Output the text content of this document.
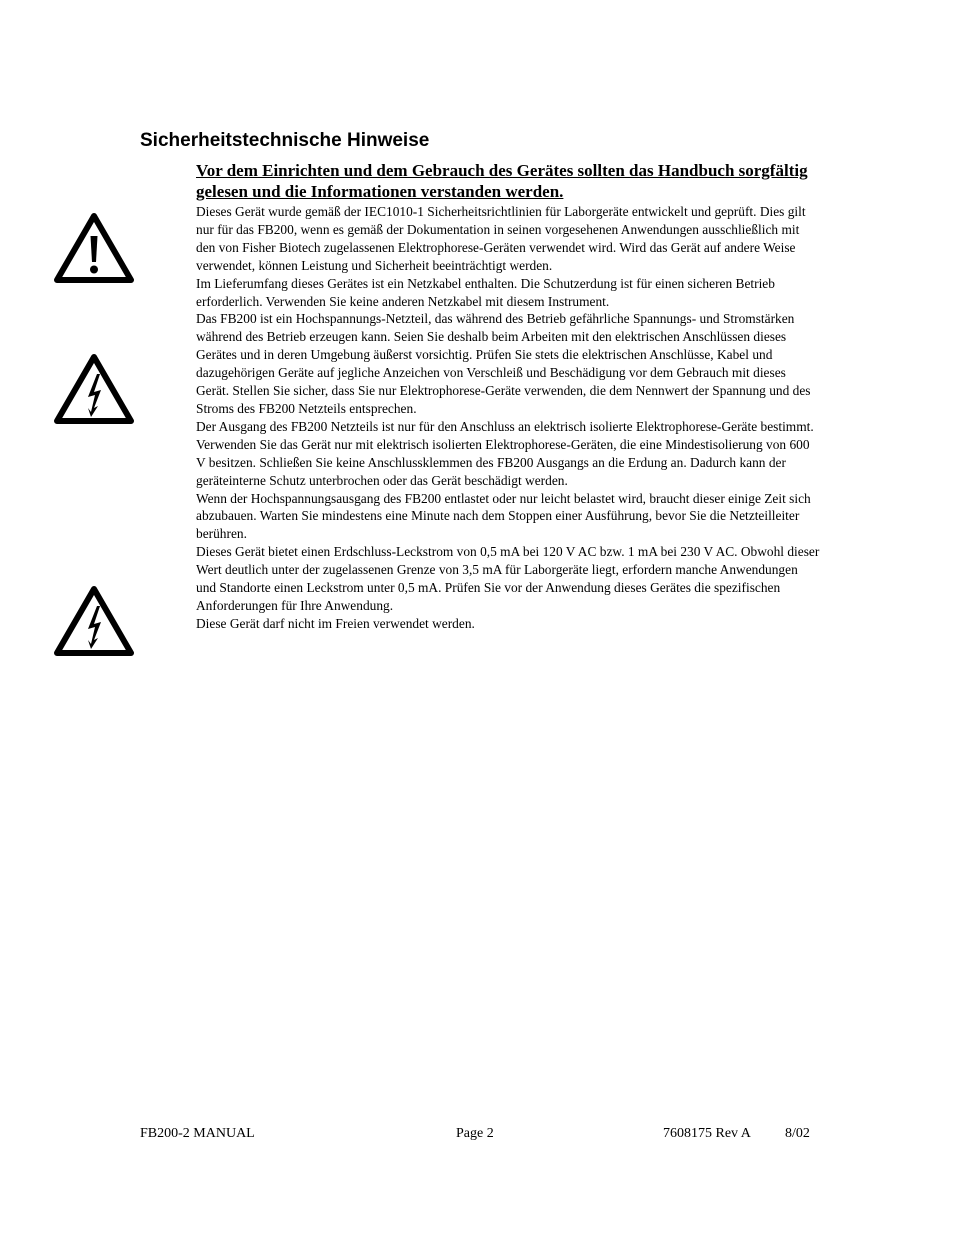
Sicherheitstechnische Hinweise

Vor dem Einrichten und dem Gebrauch des Gerätes sollten das Handbuch sorgfältig gelesen und die Informationen verstanden werden.

Dieses Gerät wurde gemäß der IEC1010-1 Sicherheitsrichtlinien für Laborgeräte entwickelt und geprüft. Dies gilt nur für das FB200, wenn es gemäß der Dokumentation in seinen vorgesehenen Anwendungen ausschließlich mit den von Fisher Biotech zugelassenen Elektrophorese-Geräten verwendet wird. Wird das Gerät auf andere Weise verwendet, können Leistung und Sicherheit beeinträchtigt werden.

Im Lieferumfang dieses Gerätes ist ein Netzkabel enthalten. Die Schutzerdung ist für einen sicheren Betrieb erforderlich. Verwenden Sie keine anderen Netzkabel mit diesem Instrument.

Das FB200 ist ein Hochspannungs-Netzteil, das während des Betrieb gefährliche Spannungs- und Stromstärken während des Betrieb erzeugen kann. Seien Sie deshalb beim Arbeiten mit den elektrischen Anschlüssen dieses Gerätes und in deren Umgebung äußerst vorsichtig. Prüfen Sie stets die elektrischen Anschlüsse, Kabel und dazugehörigen Geräte auf jegliche Anzeichen von Verschleiß und Beschädigung vor dem Gebrauch mit dieses Gerät. Stellen Sie sicher, dass Sie nur Elektrophorese-Geräte verwenden, die dem Nennwert der Spannung und des Stroms des FB200 Netzteils entsprechen.

Der Ausgang des FB200 Netzteils ist nur für den Anschluss an elektrisch isolierte Elektrophorese-Geräte bestimmt. Verwenden Sie das Gerät nur mit elektrisch isolierten Elektrophorese-Geräten, die eine Mindestisolierung von 600 V besitzen. Schließen Sie keine Anschlussklemmen des FB200 Ausgangs an die Erdung an. Dadurch kann der geräteinterne Schutz unterbrochen oder das Gerät beschädigt werden.

Wenn der Hochspannungsausgang des FB200 entlastet oder nur leicht belastet wird, braucht dieser einige Zeit sich abzubauen. Warten Sie mindestens eine Minute nach dem Stoppen einer Ausführung, bevor Sie die Netzteilleiter berühren.

Dieses Gerät bietet einen Erdschluss-Leckstrom von 0,5 mA bei 120 V AC bzw. 1 mA bei 230 V AC. Obwohl dieser Wert deutlich unter der zugelassenen Grenze von 3,5 mA für Laborgeräte liegt, erfordern manche Anwendungen und Standorte einen Leckstrom unter 0,5 mA. Prüfen Sie vor der Anwendung dieses Gerätes die spezifischen Anforderungen für Ihre Anwendung.

Diese Gerät darf nicht im Freien verwendet werden.

FB200-2 MANUAL	Page 2	7608175 Rev A 8/02
